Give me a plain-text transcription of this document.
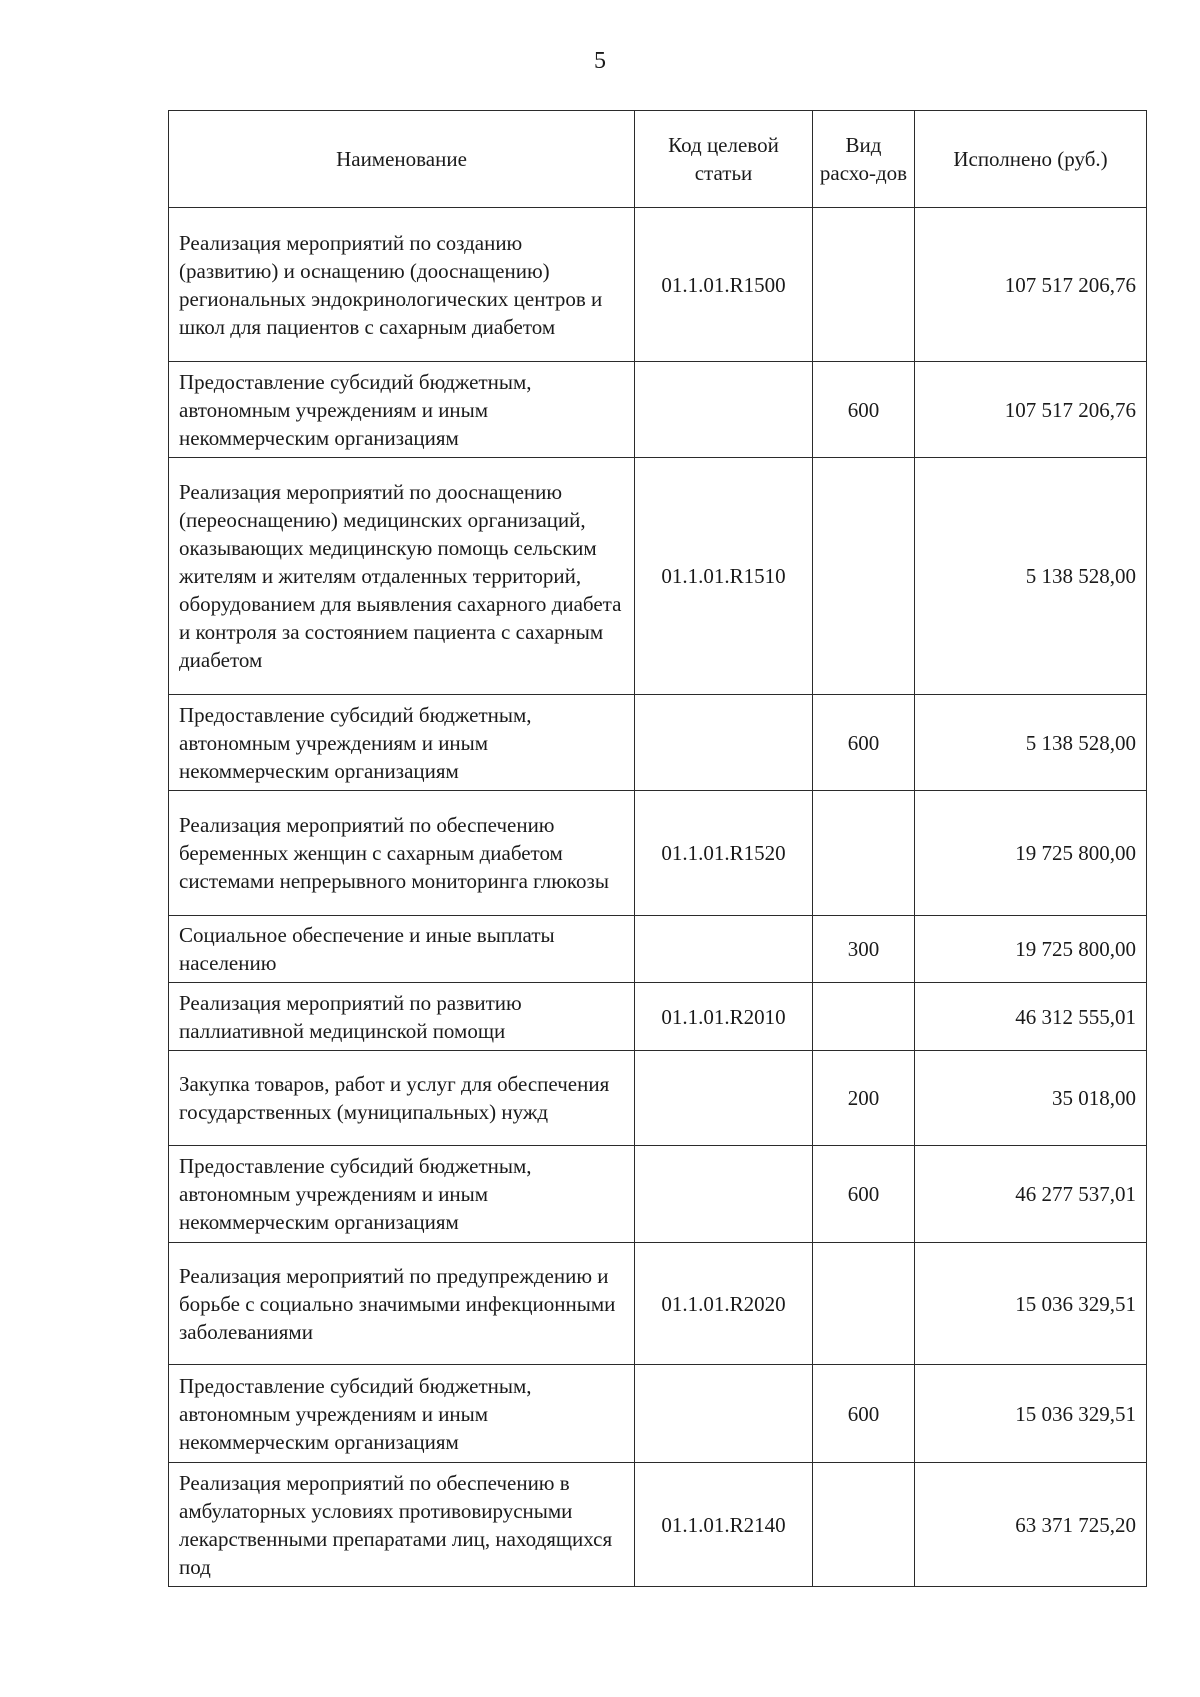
5
Наименование	Код целевой статьи	Вид расхо-дов	Исполнено (руб.)
Реализация мероприятий по созданию (развитию) и оснащению (дооснащению) региональных эндокринологических центров и школ для пациентов с сахарным диабетом	01.1.01.R1500		107 517 206,76
Предоставление субсидий бюджетным, автономным учреждениям и иным некоммерческим организациям		600	107 517 206,76
Реализация мероприятий по дооснащению (переоснащению) медицинских организаций, оказывающих медицинскую помощь сельским жителям и жителям отдаленных территорий, оборудованием для выявления сахарного диабета и контроля за состоянием пациента с сахарным диабетом	01.1.01.R1510		5 138 528,00
Предоставление субсидий бюджетным, автономным учреждениям и иным некоммерческим организациям		600	5 138 528,00
Реализация мероприятий по обеспечению беременных женщин с сахарным диабетом системами непрерывного мониторинга глюкозы	01.1.01.R1520		19 725 800,00
Социальное обеспечение и иные выплаты населению		300	19 725 800,00
Реализация мероприятий по развитию паллиативной медицинской помощи	01.1.01.R2010		46 312 555,01
Закупка товаров, работ и услуг для обеспечения государственных (муниципальных) нужд		200	35 018,00
Предоставление субсидий бюджетным, автономным учреждениям и иным некоммерческим организациям		600	46 277 537,01
Реализация мероприятий по предупреждению и борьбе с социально значимыми инфекционными заболеваниями	01.1.01.R2020		15 036 329,51
Предоставление субсидий бюджетным, автономным учреждениям и иным некоммерческим организациям		600	15 036 329,51
Реализация мероприятий по обеспечению в амбулаторных условиях противовирусными лекарственными препаратами лиц, находящихся под	01.1.01.R2140		63 371 725,20
